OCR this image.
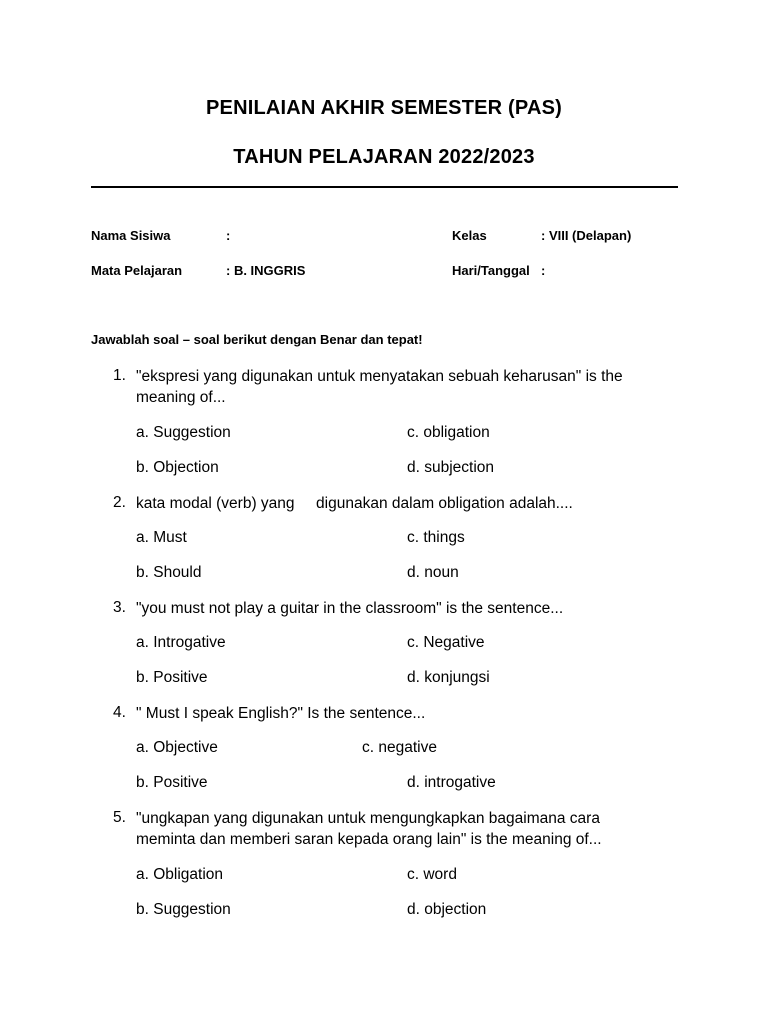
PENILAIAN AKHIR SEMESTER (PAS)
TAHUN PELAJARAN 2022/2023
Nama Sisiwa	:	Kelas	: VIII (Delapan)
Mata Pelajaran	: B. INGGRIS	Hari/Tanggal :
Jawablah soal – soal berikut dengan Benar dan tepat!
1. "ekspresi yang digunakan untuk menyatakan sebuah keharusan" is the
meaning of...
a. Suggestion	c. obligation
b. Objection	d. subjection
2. kata modal (verb) yang     digunakan dalam obligation adalah....
a. Must	c. things
b. Should	d. noun
3. "you must not play a guitar in the classroom" is the sentence...
a. Introgative	c. Negative
b. Positive	d. konjungsi
4. " Must I speak English?" Is the sentence...
a. Objective	c. negative
b. Positive	d. introgative
5. "ungkapan yang digunakan untuk mengungkapkan bagaimana cara
meminta dan memberi saran kepada orang lain" is the meaning of...
a. Obligation	c. word
b. Suggestion	d. objection
